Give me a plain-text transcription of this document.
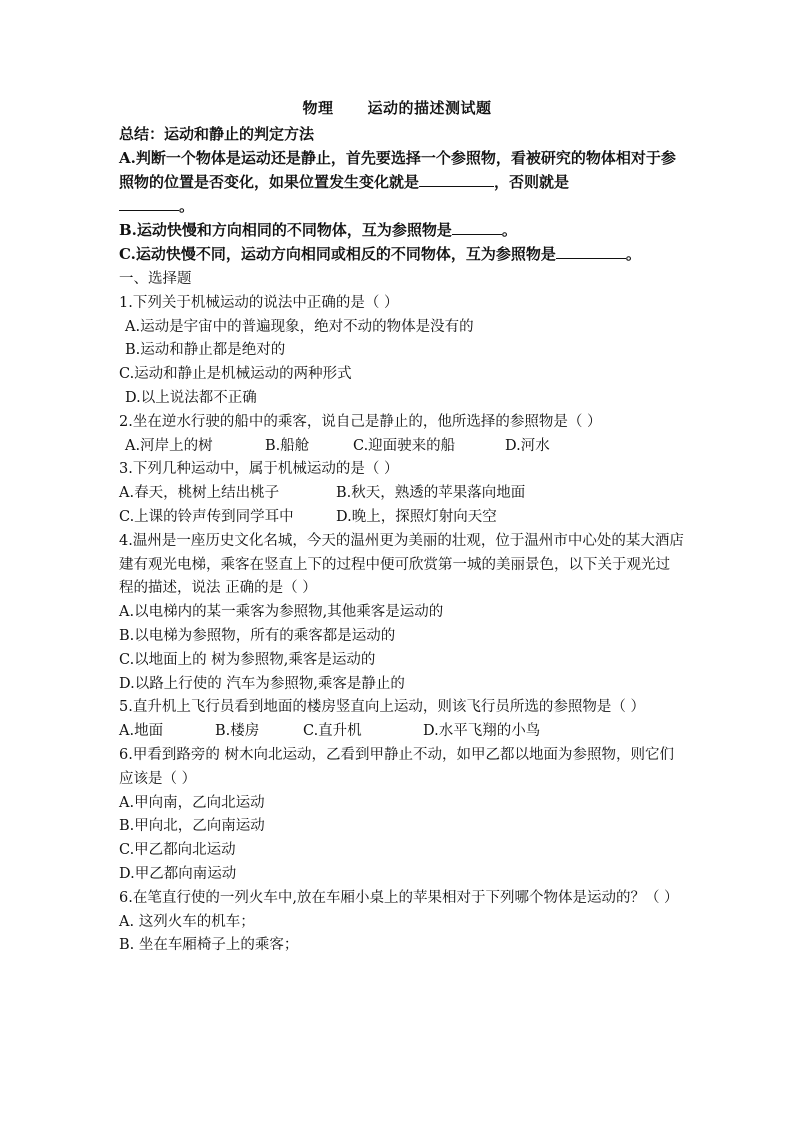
物理 运动的描述测试题

总结：运动和静止的判定方法

A.判断一个物体是运动还是静止，首先要选择一个参照物，看被研究的物体相对于参照物的位置是否变化，如果位置发生变化就是	，否则就是
。

B.运动快慢和方向相同的不同物体，互为参照物是	。

C.运动快慢不同，运动方向相同或相反的不同物体，互为参照物是	。

一、选择题

1.下列关于机械运动的说法中正确的是（ ）

A.运动是宇宙中的普遍现象，绝对不动的物体是没有的

B.运动和静止都是绝对的

C.运动和静止是机械运动的两种形式

D.以上说法都不正确

2.坐在逆水行驶的船中的乘客，说自己是静止的，他所选择的参照物是（ ）

A.河岸上的树	B.船舱	C.迎面驶来的船	D.河水

3.下列几种运动中，属于机械运动的是（ ）

A.春天，桃树上结出桃子	B.秋天，熟透的苹果落向地面

C.上课的铃声传到同学耳中	D.晚上，探照灯射向天空

4.温州是一座历史文化名城，今天的温州更为美丽的壮观，位于温州市中心处的某大酒店建有观光电梯，乘客在竖直上下的过程中便可欣赏第一城的美丽景色，以下关于观光过程的描述，说法 正确的是（ ）

A.以电梯内的某一乘客为参照物,其他乘客是运动的

B.以电梯为参照物，所有的乘客都是运动的

C.以地面上的 树为参照物,乘客是运动的

D.以路上行使的 汽车为参照物,乘客是静止的

5.直升机上飞行员看到地面的楼房竖直向上运动，则该飞行员所选的参照物是（ ）

A.地面	B.楼房	C.直升机	D.水平飞翔的小鸟

6.甲看到路旁的 树木向北运动，乙看到甲静止不动，如甲乙都以地面为参照物，则它们应该是（ ）

A.甲向南，乙向北运动

B.甲向北，乙向南运动

C.甲乙都向北运动

D.甲乙都向南运动

6.在笔直行使的一列火车中,放在车厢小桌上的苹果相对于下列哪个物体是运动的？（ ）

A. 这列火车的机车；

B. 坐在车厢椅子上的乘客；
